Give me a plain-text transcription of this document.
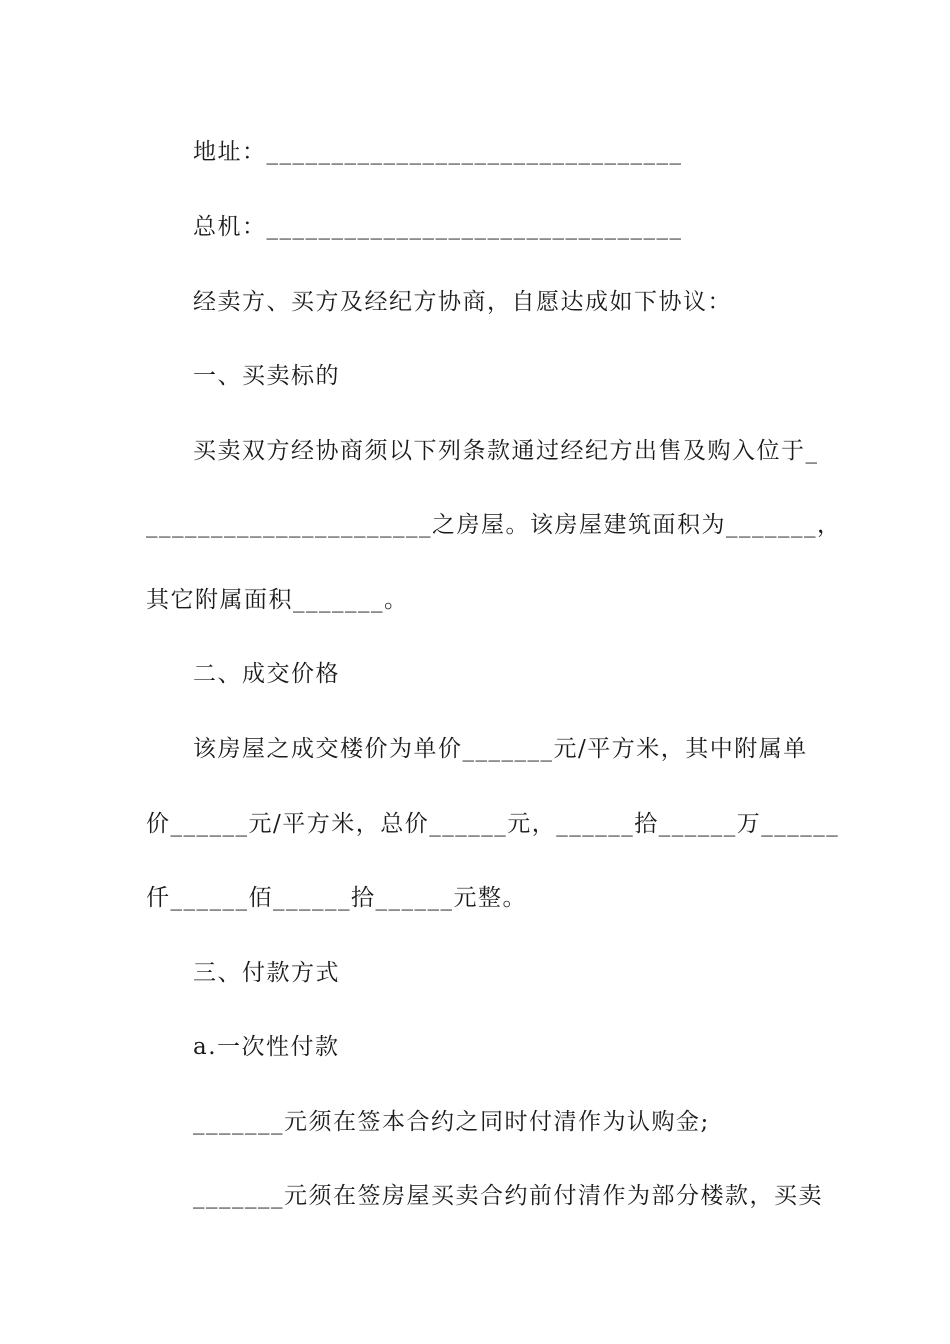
地址：________________________________
总机：________________________________
经卖方、买方及经纪方协商，自愿达成如下协议：
一、买卖标的
买卖双方经协商须以下列条款通过经纪方出售及购入位于_
______________________之房屋。该房屋建筑面积为_______，
其它附属面积_______。
二、成交价格
该房屋之成交楼价为单价_______元/平方米，其中附属单
价______元/平方米，总价______元，______拾______万______
仟______佰______拾______元整。
三、付款方式
a.一次性付款
_______元须在签本合约之同时付清作为认购金;
_______元须在签房屋买卖合约前付清作为部分楼款，买卖
